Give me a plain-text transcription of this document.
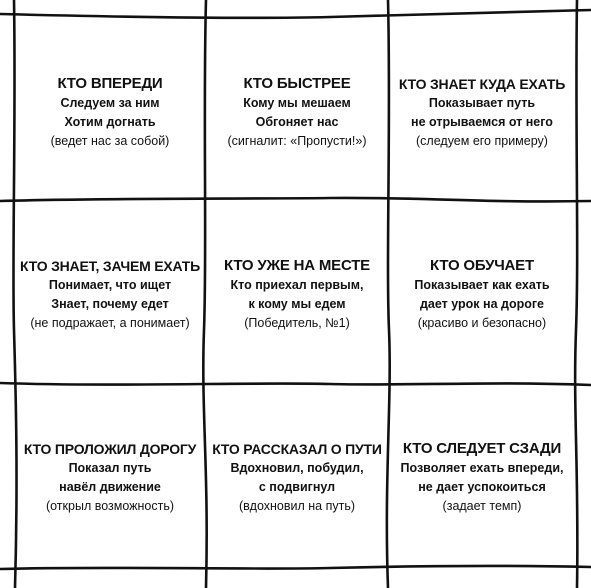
КТО ВПЕРЕДИ
Следуем за ним
Хотим догнать
(ведет нас за собой)
КТО БЫСТРЕЕ
Кому мы мешаем
Обгоняет нас
(сигналит: «Пропусти!»)
КТО ЗНАЕТ КУДА ЕХАТЬ
Показывает путь
не отрываемся от него
(следуем его примеру)
КТО ЗНАЕТ, ЗАЧЕМ ЕХАТЬ
Понимает, что ищет
Знает, почему едет
(не подражает, а понимает)
КТО УЖЕ НА МЕСТЕ
Кто приехал первым,
к кому мы едем
(Победитель, №1)
КТО ОБУЧАЕТ
Показывает как ехать
дает урок на дороге
(красиво и безопасно)
КТО ПРОЛОЖИЛ ДОРОГУ
Показал путь
навёл движение
(открыл возможность)
КТО РАССКАЗАЛ О ПУТИ
Вдохновил, побудил,
с подвигнул
(вдохновил на путь)
КТО СЛЕДУЕТ СЗАДИ
Позволяет ехать впереди,
не дает успокоиться
(задает темп)
